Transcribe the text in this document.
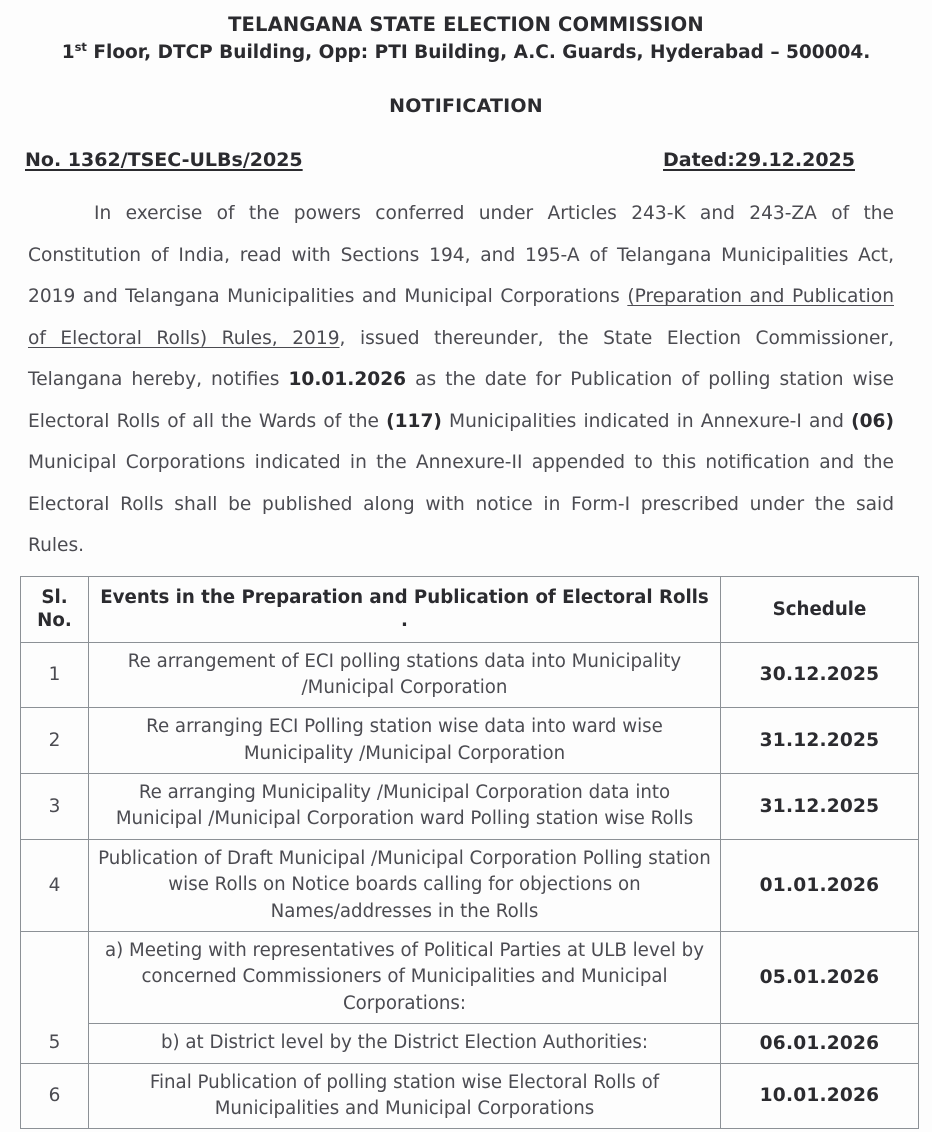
TELANGANA STATE ELECTION COMMISSION
1st Floor, DTCP Building, Opp: PTI Building, A.C. Guards, Hyderabad – 500004.
NOTIFICATION
No. 1362/TSEC-ULBs/2025	Dated:29.12.2025

In exercise of the powers conferred under Articles 243-K and 243-ZA of the Constitution of India, read with Sections 194, and 195-A of Telangana Municipalities Act, 2019 and Telangana Municipalities and Municipal Corporations (Preparation and Publication of Electoral Rolls) Rules, 2019, issued thereunder, the State Election Commissioner, Telangana hereby, notifies 10.01.2026 as the date for Publication of polling station wise Electoral Rolls of all the Wards of the (117) Municipalities indicated in Annexure-I and (06) Municipal Corporations indicated in the Annexure-II appended to this notification and the Electoral Rolls shall be published along with notice in Form-I prescribed under the said Rules.

Sl.
No.	Events in the Preparation and Publication of Electoral Rolls .	Schedule
1	Re arrangement of ECI polling stations data into Municipality /Municipal Corporation	30.12.2025
2	Re arranging ECI Polling station wise data into ward wise Municipality /Municipal Corporation	31.12.2025
3	Re arranging Municipality /Municipal Corporation data into Municipal /Municipal Corporation ward Polling station wise Rolls	31.12.2025
4	Publication of Draft Municipal /Municipal Corporation Polling station wise Rolls on Notice boards calling for objections on Names/addresses in the Rolls	01.01.2026
5	a) Meeting with representatives of Political Parties at ULB level by concerned Commissioners of Municipalities and Municipal Corporations:	05.01.2026
	b) at District level by the District Election Authorities:	06.01.2026
6	Final Publication of polling station wise Electoral Rolls of Municipalities and Municipal Corporations	10.01.2026
